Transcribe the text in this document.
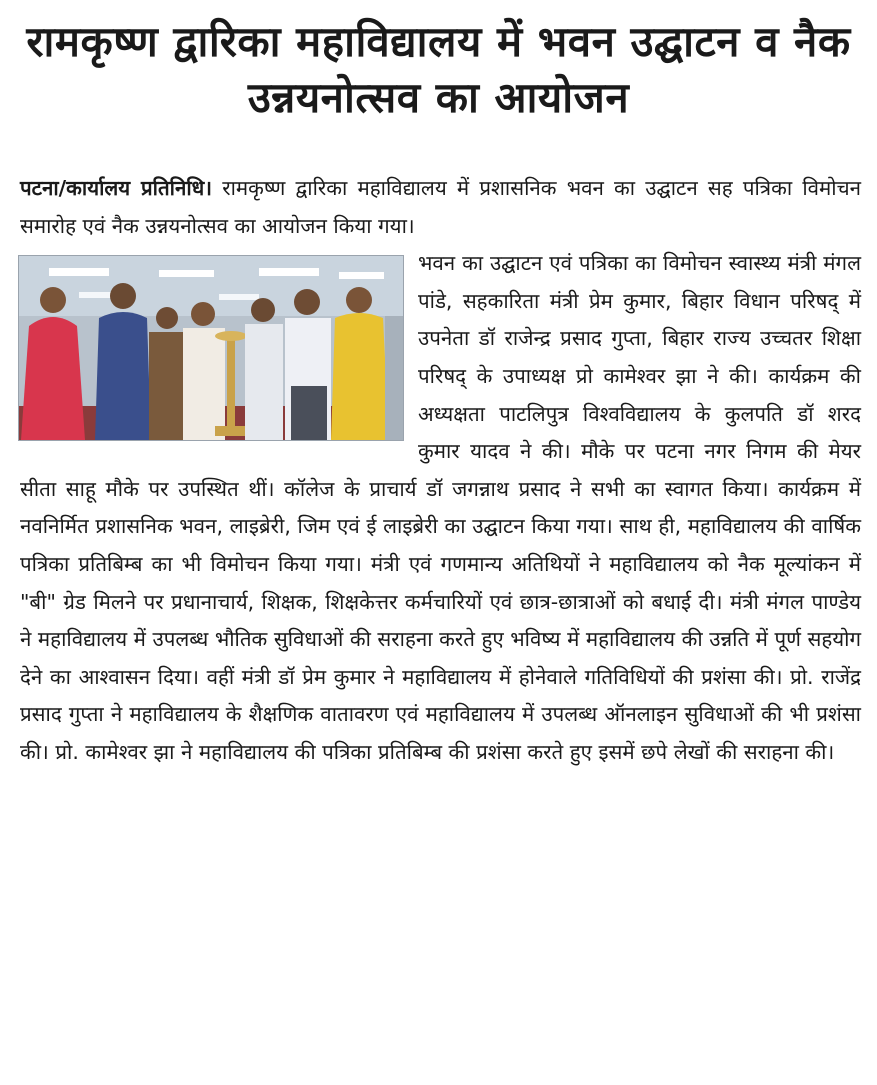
रामकृष्ण द्वारिका महाविद्यालय में भवन उद्घाटन व नैक उन्नयनोत्सव का आयोजन

पटना/कार्यालय प्रतिनिधि। रामकृष्ण द्वारिका महाविद्यालय में प्रशासनिक भवन का उद्घाटन सह पत्रिका विमोचन समारोह एवं नैक उन्नयनोत्सव का आयोजन किया गया।

भवन का उद्घाटन एवं पत्रिका का विमोचन स्वास्थ्य मंत्री मंगल पांडे, सहकारिता मंत्री प्रेम कुमार, बिहार विधान परिषद् में उपनेता डॉ राजेन्द्र प्रसाद गुप्ता, बिहार राज्य उच्चतर शिक्षा परिषद् के उपाध्यक्ष प्रो कामेश्वर झा ने की। कार्यक्रम की अध्यक्षता पाटलिपुत्र विश्वविद्यालय के कुलपति डॉ शरद कुमार यादव ने की। मौके पर पटना नगर निगम की मेयर सीता साहू मौके पर उपस्थित थीं। कॉलेज के प्राचार्य डॉ जगन्नाथ प्रसाद ने सभी का स्वागत किया। कार्यक्रम में नवनिर्मित प्रशासनिक भवन, लाइब्रेरी, जिम एवं ई लाइब्रेरी का उद्घाटन किया गया। साथ ही, महाविद्यालय की वार्षिक पत्रिका प्रतिबिम्ब का भी विमोचन किया गया। मंत्री एवं गणमान्य अतिथियों ने महाविद्यालय को नैक मूल्यांकन में "बी" ग्रेड मिलने पर प्रधानाचार्य, शिक्षक, शिक्षकेत्तर कर्मचारियों एवं छात्र-छात्राओं को बधाई दी। मंत्री मंगल पाण्डेय ने महाविद्यालय में उपलब्ध भौतिक सुविधाओं की सराहना करते हुए भविष्य में महाविद्यालय की उन्नति में पूर्ण सहयोग देने का आश्वासन दिया। वहीं मंत्री डॉ प्रेम कुमार ने महाविद्यालय में होनेवाले गतिविधियों की प्रशंसा की। प्रो. राजेंद्र प्रसाद गुप्ता ने महाविद्यालय के शैक्षणिक वातावरण एवं महाविद्यालय में उपलब्ध ऑनलाइन सुविधाओं की भी प्रशंसा की। प्रो. कामेश्वर झा ने महाविद्यालय की पत्रिका प्रतिबिम्ब की प्रशंसा करते हुए इसमें छपे लेखों की सराहना की।
